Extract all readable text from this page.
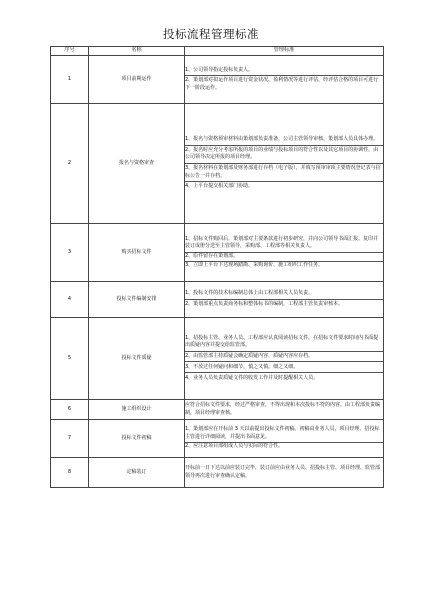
投标流程管理标准
序号	名称	管理标准
1	项目前期运作	1、公司领导指定投标负责人。
2、策划部对拟运作项目进行资金状况、盈利情况等进行评估，经评估合格的项目可进行下一阶段运作。

2	报名与资格审查	1、报名与资格预审材料由策划部负责准备，公司主管领导审核，策划部人员具体办理。
2、报名时应充分考虑所报的项目的业绩与投标项目的符合性以及其它项目的协调性，由公司领导决定所报的项目经理。
3、报名材料在策划部及财务部进行存档（电子版），并填写预审审项主要情况登记表与招标公告一并存档。
4、上平台提交相关部门协助。

3	购买招标文件	1、招标文件购回后，策划部对主要条款进行初步研究，并向公司领导书面汇报。复印并装订成册分送至主管领导，采购部、工程部等相关负责人。
2、原件留存在策划部。
3、立即上平台下达现场踏勘、采购询价、施工组织工作任务。

4	投标文件编制安排	1、投标文件的技术标编制总体上由工程部相关人员负责。
2、策划部重点负责商务标和整体标书的编制，工程部主管负责审核本。

5	投标文件质疑	1、招投标主管、业务人员、工程部应认真阅读招标文件，在招标文件要求时间内书面提出质疑内容并提交给监管部。
2、由监管部主持质疑会确定质疑内容，质疑内容应存档。
3、不放过任何疑问和细节，慎之又慎，细之又细。
4、业务人员负责质疑文件的收发工作并及时提醒相关人员。

6	施工组织设计	应符合招标文件要求，经过严格审查，不得出现和本次投标不符的内容。由工程部负责编制，项目经理审查核。

7	投标文件初稿	1、策划部应在开标前 3 天以前提出投标文件初稿。初稿由业务人员，项目经理、招投标主管进行详细阅读，并提出书面意见。
2、应注意项目部组成人员与实际的符合性。

8	定稿装订	开标前一日下达以前应装订完毕，装订前应由业务人员、招投标主管、项目经理、监管部领导再次进行审查确认定稿。
